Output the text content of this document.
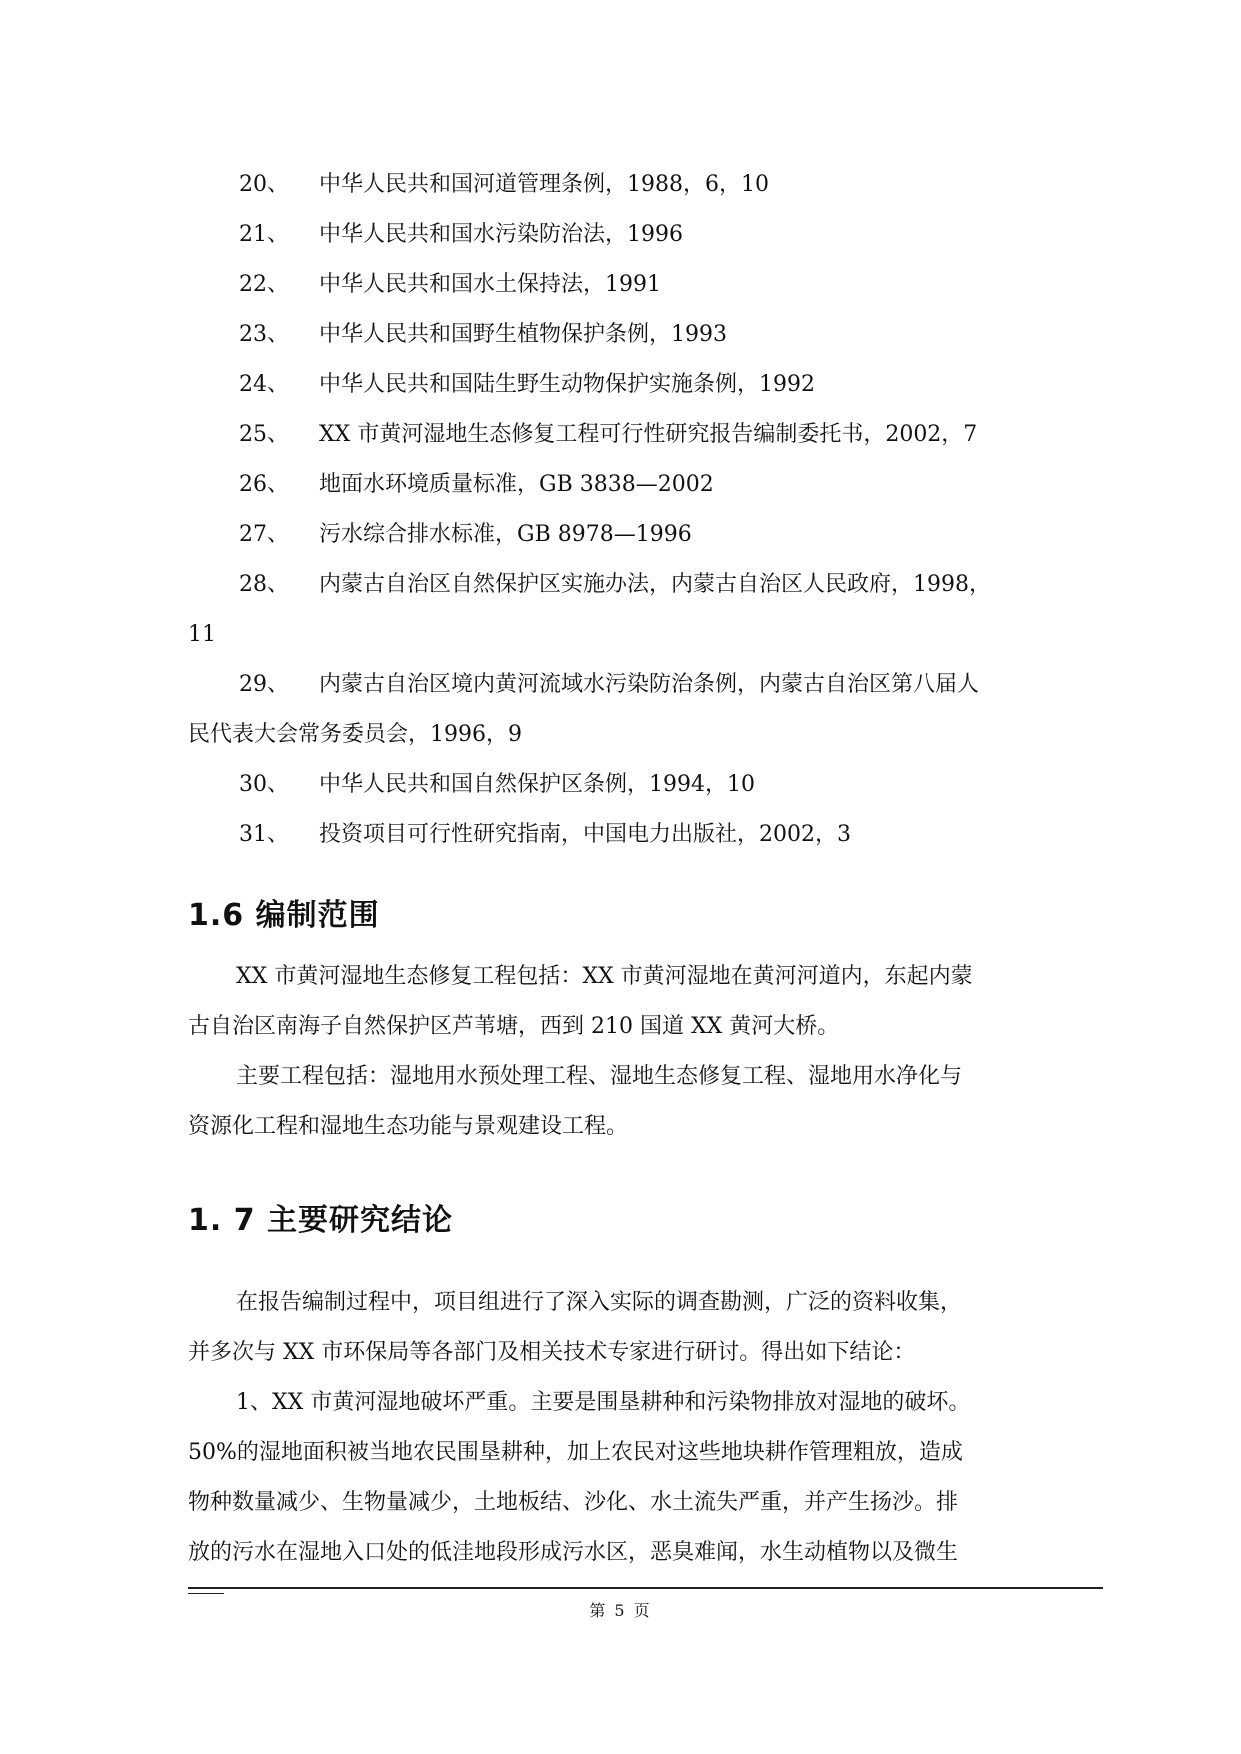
20、 中华人民共和国河道管理条例，1988，6，10
21、 中华人民共和国水污染防治法，1996
22、 中华人民共和国水土保持法，1991
23、 中华人民共和国野生植物保护条例，1993
24、 中华人民共和国陆生野生动物保护实施条例，1992
25、 XX 市黄河湿地生态修复工程可行性研究报告编制委托书，2002，7
26、 地面水环境质量标准，GB 3838—2002
27、 污水综合排水标准，GB 8978—1996
28、 内蒙古自治区自然保护区实施办法，内蒙古自治区人民政府，1998，
11
29、 内蒙古自治区境内黄河流域水污染防治条例，内蒙古自治区第八届人
民代表大会常务委员会，1996，9
30、 中华人民共和国自然保护区条例，1994，10
31、 投资项目可行性研究指南，中国电力出版社，2002，3
1.6 编制范围

XX 市黄河湿地生态修复工程包括：XX 市黄河湿地在黄河河道内，东起内蒙
古自治区南海子自然保护区芦苇塘，西到 210 国道 XX 黄河大桥。

主要工程包括：湿地用水预处理工程、湿地生态修复工程、湿地用水净化与
资源化工程和湿地生态功能与景观建设工程。

1. 7 主要研究结论

在报告编制过程中，项目组进行了深入实际的调查勘测，广泛的资料收集，
并多次与 XX 市环保局等各部门及相关技术专家进行研讨。得出如下结论：

1、XX 市黄河湿地破坏严重。主要是围垦耕种和污染物排放对湿地的破坏。
50%的湿地面积被当地农民围垦耕种，加上农民对这些地块耕作管理粗放，造成
物种数量减少、生物量减少，土地板结、沙化、水土流失严重，并产生扬沙。排
放的污水在湿地入口处的低洼地段形成污水区，恶臭难闻，水生动植物以及微生

第 5 页
